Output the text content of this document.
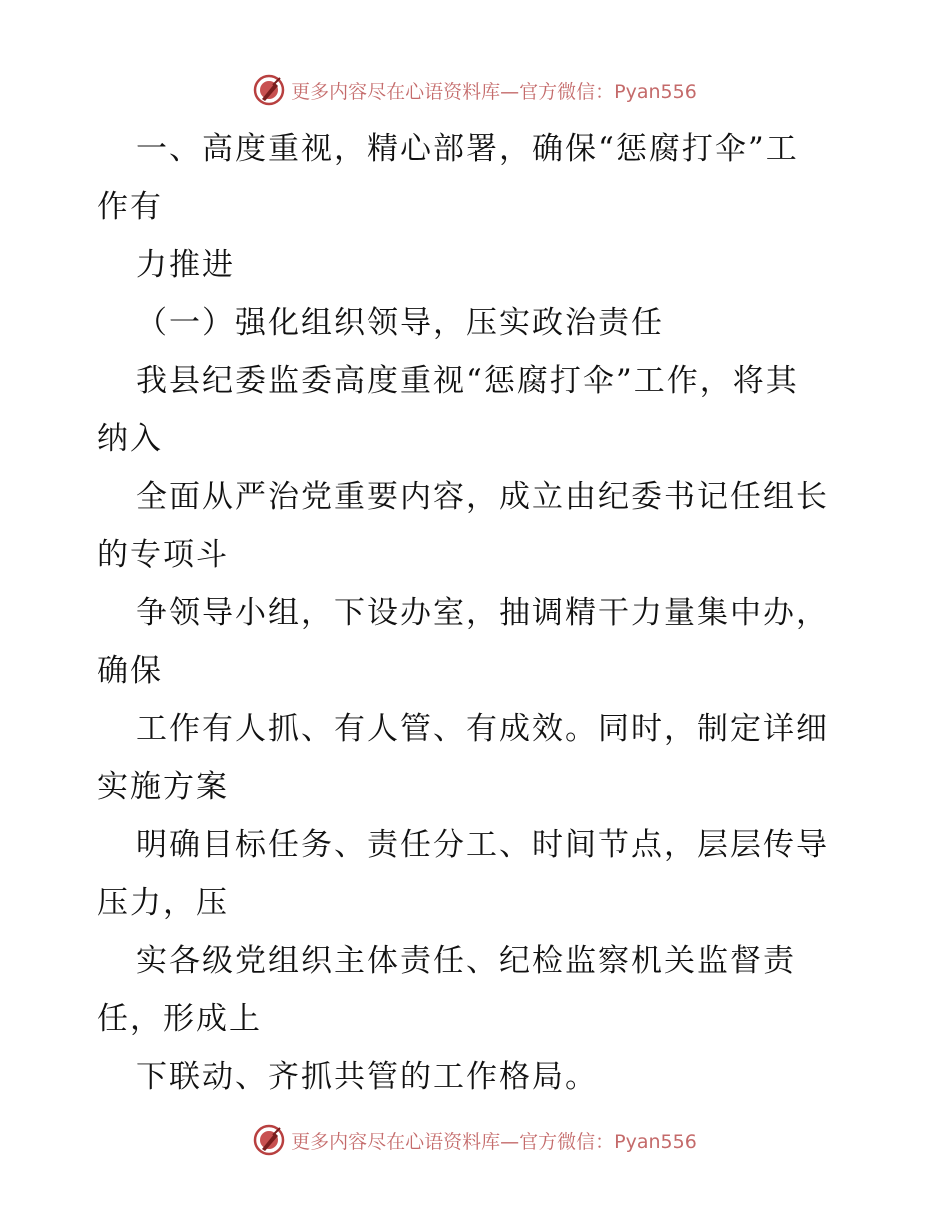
更多内容尽在心语资料库—官方微信：Pyan556
一、高度重视，精心部署，确保“惩腐打伞”工
作有
力推进
（一）强化组织领导，压实政治责任
我县纪委监委高度重视“惩腐打伞”工作，将其
纳入
全面从严治党重要内容，成立由纪委书记任组长
的专项斗
争领导小组，下设办室，抽调精干力量集中办，
确保
工作有人抓、有人管、有成效。同时，制定详细
实施方案
明确目标任务、责任分工、时间节点，层层传导
压力，压
实各级党组织主体责任、纪检监察机关监督责
任，形成上
下联动、齐抓共管的工作格局。
更多内容尽在心语资料库—官方微信：Pyan556
